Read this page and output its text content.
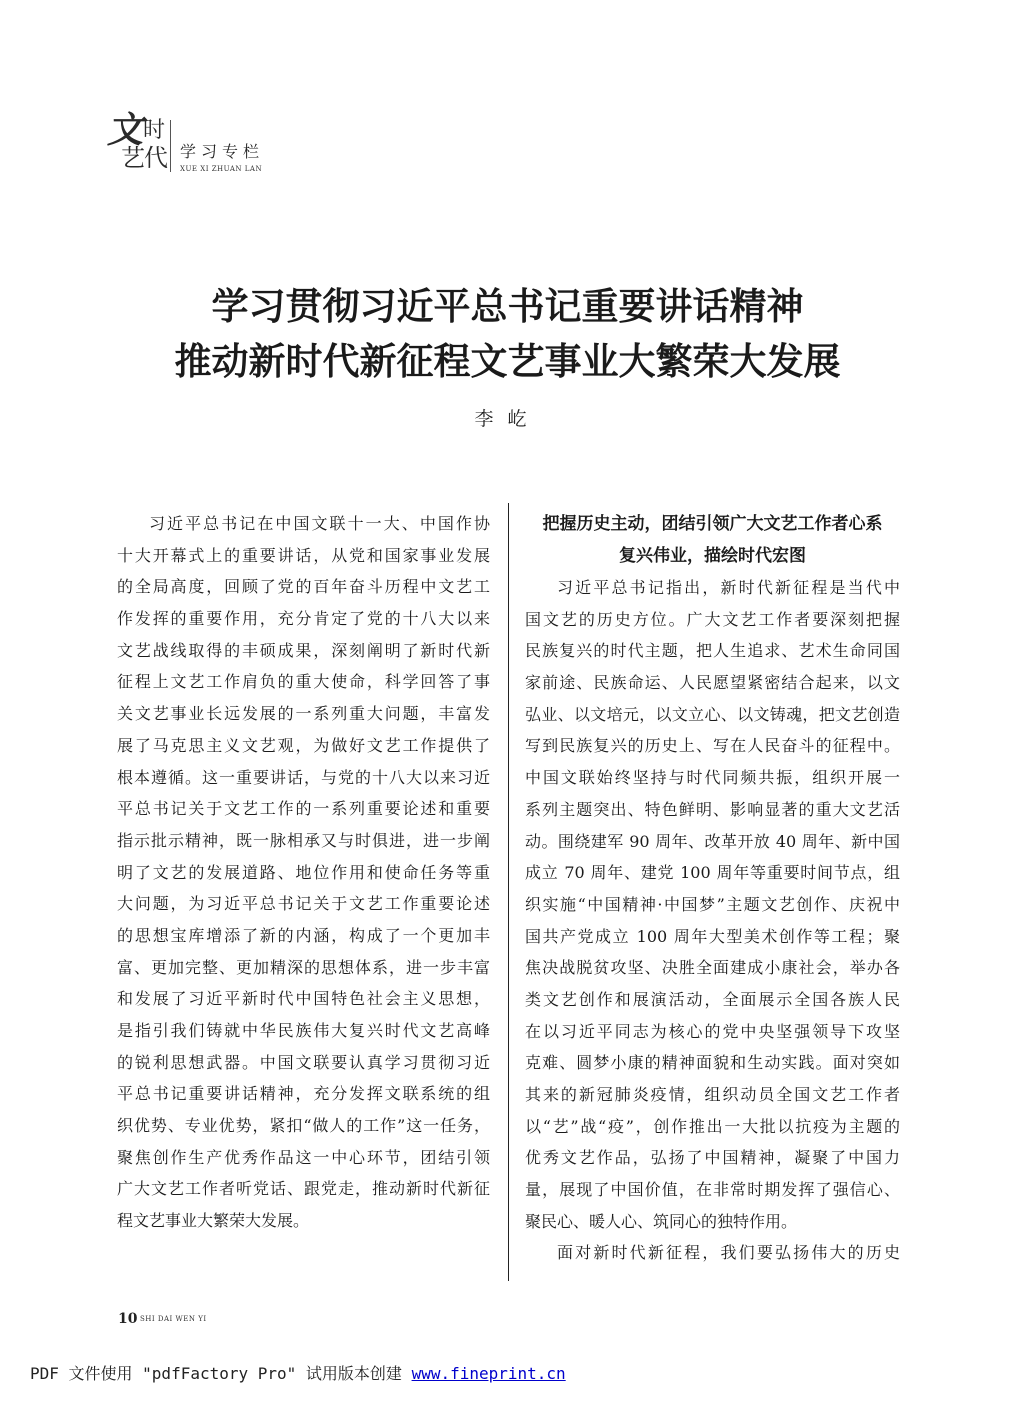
文 时
艺代 学习专栏
XUE XI ZHUAN LAN
学习贯彻习近平总书记重要讲话精神
推动新时代新征程文艺事业大繁荣大发展
李屹
习近平总书记在中国文联十一大、中国作协
十大开幕式上的重要讲话，从党和国家事业发展
的全局高度，回顾了党的百年奋斗历程中文艺工
作发挥的重要作用，充分肯定了党的十八大以来
文艺战线取得的丰硕成果，深刻阐明了新时代新
征程上文艺工作肩负的重大使命，科学回答了事
关文艺事业长远发展的一系列重大问题，丰富发
展了马克思主义文艺观，为做好文艺工作提供了
根本遵循。这一重要讲话，与党的十八大以来习近
平总书记关于文艺工作的一系列重要论述和重要
指示批示精神，既一脉相承又与时俱进，进一步阐
明了文艺的发展道路、地位作用和使命任务等重
大问题，为习近平总书记关于文艺工作重要论述
的思想宝库增添了新的内涵，构成了一个更加丰
富、更加完整、更加精深的思想体系，进一步丰富
和发展了习近平新时代中国特色社会主义思想，
是指引我们铸就中华民族伟大复兴时代文艺高峰
的锐利思想武器。中国文联要认真学习贯彻习近
平总书记重要讲话精神，充分发挥文联系统的组
织优势、专业优势，紧扣“做人的工作”这一任务，
聚焦创作生产优秀作品这一中心环节，团结引领
广大文艺工作者听党话、跟党走，推动新时代新征
程文艺事业大繁荣大发展。
把握历史主动，团结引领广大文艺工作者心系
复兴伟业，描绘时代宏图
习近平总书记指出，新时代新征程是当代中
国文艺的历史方位。广大文艺工作者要深刻把握
民族复兴的时代主题，把人生追求、艺术生命同国
家前途、民族命运、人民愿望紧密结合起来，以文
弘业、以文培元，以文立心、以文铸魂，把文艺创造
写到民族复兴的历史上、写在人民奋斗的征程中。
中国文联始终坚持与时代同频共振，组织开展一
系列主题突出、特色鲜明、影响显著的重大文艺活
动。围绕建军 90 周年、改革开放 40 周年、新中国
成立 70 周年、建党 100 周年等重要时间节点，组
织实施“中国精神·中国梦”主题文艺创作、庆祝中
国共产党成立 100 周年大型美术创作等工程；聚
焦决战脱贫攻坚、决胜全面建成小康社会，举办各
类文艺创作和展演活动，全面展示全国各族人民
在以习近平同志为核心的党中央坚强领导下攻坚
克难、圆梦小康的精神面貌和生动实践。面对突如
其来的新冠肺炎疫情，组织动员全国文艺工作者
以“艺”战“疫”，创作推出一大批以抗疫为主题的
优秀文艺作品，弘扬了中国精神，凝聚了中国力
量，展现了中国价值，在非常时期发挥了强信心、
聚民心、暖人心、筑同心的独特作用。
面对新时代新征程，我们要弘扬伟大的历史
10 SHI DAI WEN YI
PDF 文件使用 "pdfFactory Pro" 试用版本创建 www.fineprint.cn
